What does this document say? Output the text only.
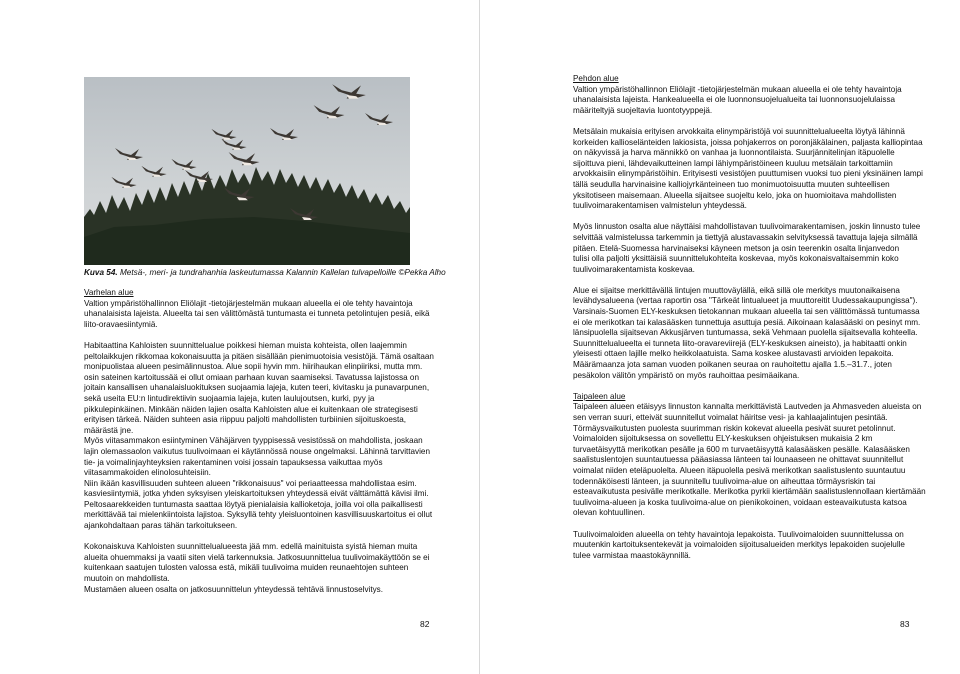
Kuva 54. Metsä-, meri- ja tundrahanhia laskeutumassa Kalannin Kallelan tulvapelloille ©Pekka Alho
Varhelan alue
Valtion ympäristöhallinnon Eliölajit -tietojärjestelmän mukaan alueella ei ole tehty havaintoja
uhanalaisista lajeista. Alueelta tai sen välittömästä tuntumasta ei tunneta petolintujen pesiä, eikä
liito-oravaesiintymiä.
Habitaattina Kahloisten suunnittelualue poikkesi hieman muista kohteista, ollen laajemmin
peltolaikkujen rikkomaa kokonaisuutta ja pitäen sisällään pienimuotoisia vesistöjä. Tämä osaltaan
monipuolistaa alueen pesimälinnustoa. Alue sopii hyvin mm. hiirihaukan elinpiiriksi, mutta mm.
osin sateinen kartoitussää ei ollut omiaan parhaan kuvan saamiseksi. Tavatussa lajistossa on
joitain kansallisen uhanalaisluokituksen suojaamia lajeja, kuten teeri, kivitasku ja punavarpunen,
sekä useita EU:n lintudirektiivin suojaamia lajeja, kuten laulujoutsen, kurki, pyy ja
pikkulepinkäinen. Minkään näiden lajien osalta Kahloisten alue ei kuitenkaan ole strategisesti
erityisen tärkeä. Näiden suhteen asia riippuu paljolti mahdollisten turbiinien sijoituskoesta,
määrästä jne.
Myös viitasammakon esiintyminen Vähäjärven tyyppisessä vesistössä on mahdollista, joskaan
lajin olemassaolon vaikutus tuulivoimaan ei käytännössä nouse ongelmaksi. Lähinnä tarvittavien
tie- ja voimalinjayhteyksien rakentaminen voisi jossain tapauksessa vaikuttaa myös
viitasammakoiden elinolosuhteisiin.
Niin ikään kasvillisuuden suhteen alueen "rikkonaisuus" voi periaatteessa mahdollistaa esim.
kasviesiintymiä, jotka yhden syksyisen yleiskartoituksen yhteydessä eivät välttämättä kävisi ilmi.
Peltosaarekkeiden tuntumasta saattaa löytyä pienialaisia kallioketoja, joilla voi olla paikallisesti
merkittävää tai mielenkiintoista lajistoa. Syksyllä tehty yleisluontoinen kasvillisuuskartoitus ei ollut
ajankohdaltaan paras tähän tarkoitukseen.
Kokonaiskuva Kahloisten suunnittelualueesta jää mm. edellä mainituista syistä hieman muita
alueita ohuemmaksi ja vaatii siten vielä tarkennuksia. Jatkosuunnittelua tuulivoimakäyttöön se ei
kuitenkaan saatujen tulosten valossa estä, mikäli tuulivoima muiden reunaehtojen suhteen
muutoin on mahdollista.
Mustamäen alueen osalta on jatkosuunnittelun yhteydessä tehtävä linnustoselvitys.
82
Pehdon alue
Valtion ympäristöhallinnon Eliölajit -tietojärjestelmän mukaan alueella ei ole tehty havaintoja
uhanalaisista lajeista. Hankealueella ei ole luonnonsuojelualueita tai luonnonsuojelulaissa
määriteltyjä suojeltavia luontotyyppejä.
Metsälain mukaisia erityisen arvokkaita elinympäristöjä voi suunnittelualueelta löytyä lähinnä
korkeiden kallioselänteiden lakiosista, joissa pohjakerros on poronjäkälainen, paljasta kalliopintaa
on näkyvissä ja harva männikkö on vanhaa ja luonnontilaista. Suurjännitelinjan itäpuolelle
sijoittuva pieni, lähdevaikutteinen lampi lähiympäristöineen kuuluu metsälain tarkoittamiin
arvokkaisiin elinympäristöihin. Erityisesti vesistöjen puuttumisen vuoksi tuo pieni yksinäinen lampi
tällä seudulla harvinaisine kalliojyrkänteineen tuo monimuotoisuutta muuten suhteellisen
yksitotiseen maisemaan. Alueella sijaitsee suojeltu kelo, joka on huomioitava mahdollisten
tuulivoimarakentamisen valmistelun yhteydessä.
Myös linnuston osalta alue näyttäisi mahdollistavan tuulivoimarakentamisen, joskin linnusto tulee
selvittää valmistelussa tarkemmin ja tiettyjä alustavassakin selvityksessä tavattuja lajeja silmällä
pitäen. Etelä-Suomessa harvinaiseksi käyneen metson ja osin teerenkin osalta linjanvedon
tulisi olla paljolti yksittäisiä suunnittelukohteita koskevaa, myös kokonaisvaltaisemmin koko
tuulivoimarakentamista koskevaa.
Alue ei sijaitse merkittävällä lintujen muuttoväylällä, eikä sillä ole merkitys muutonaikaisena
levähdysalueena (vertaa raportin osa "Tärkeät lintualueet ja muuttoreitit Uudessakaupungissa").
Varsinais-Suomen ELY-keskuksen tietokannan mukaan alueella tai sen välittömässä tuntumassa
ei ole merikotkan tai kalasääsken tunnettuja asuttuja pesiä. Aikoinaan kalasääski on pesinyt mm.
länsipuolella sijaitsevan Akkusjärven tuntumassa, sekä Vehmaan puolella sijaitsevalla kohteella.
Suunnittelualueelta ei tunneta liito-oravareviirejä (ELY-keskuksen aineisto), ja habitaatti onkin
yleisesti ottaen lajille melko heikkolaatuista. Sama koskee alustavasti arvioiden lepakoita.
Määrämaanza jota saman vuoden poikanen seuraa on rauhoitettu ajalla 1.5.–31.7., joten
pesäkolon välitön ympäristö on myös rauhoittaa pesimäaikana.
Taipaleen alue
Taipaleen alueen etäisyys linnuston kannalta merkittävistä Lautveden ja Ahmasveden alueista on
sen verran suuri, etteivät suunnitellut voimalat häiritse vesi- ja kahlaajalintujen pesintää.
Törmäysvaikutusten puolesta suurimman riskin kokevat alueella pesivät suuret petolinnut.
Voimaloiden sijoituksessa on sovellettu ELY-keskuksen ohjeistuksen mukaisia 2 km
turvaetäisyyttä merikotkan pesälle ja 600 m turvaetäisyyttä kalasääsken pesälle. Kalasääsken
saalistuslentojen suuntautuessa pääasiassa länteen tai lounaaseen ne ohittavat suunnitellut
voimalat niiden eteläpuolelta. Alueen itäpuolella pesivä merikotkan saalistuslento suuntautuu
todennäköisesti länteen, ja suunnitellu tuulivoima-alue on aiheuttaa törmäysriskin tai
esteavaikutusta pesivälle merikotkalle. Merikotka pyrkii kiertämään saalistuslennollaan kiertämään
tuulivoima-alueen ja koska tuulivoima-alue on pienikokoinen, voidaan esteavaikutusta katsoa
olevan kohtuullinen.
Tuulivoimaloiden alueella on tehty havaintoja lepakoista. Tuulivoimaloiden suunnittelussa on
muutenkin kartoituksentekevät ja voimaloiden sijoitusalueiden merkitys lepakoiden suojelulle
tulee varmistaa maastokäynnillä.
83
